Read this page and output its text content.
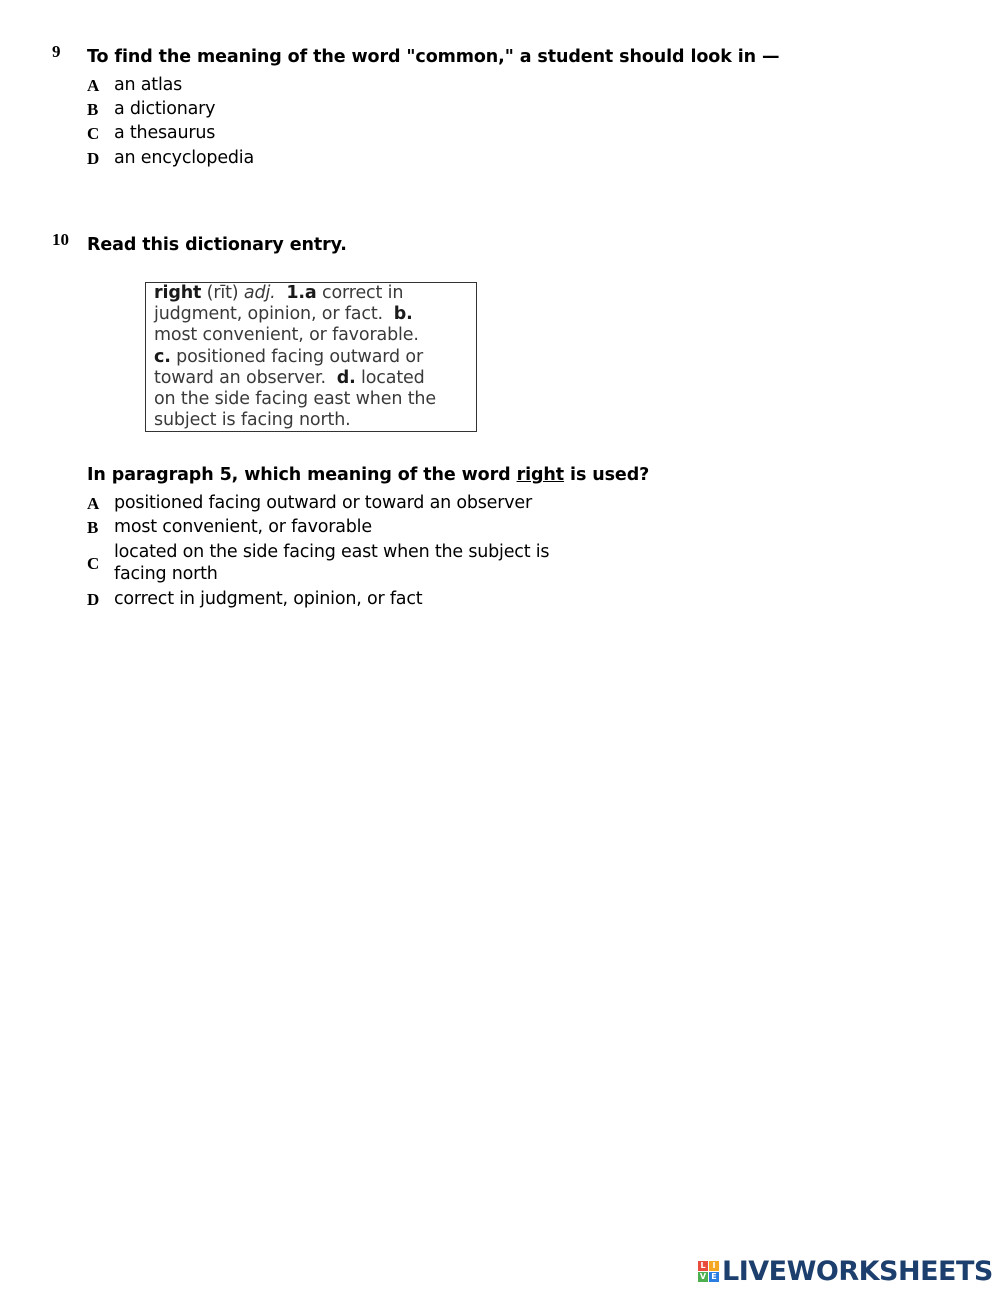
9 To find the meaning of the word "common," a student should look in —
A an atlas
B a dictionary
C a thesaurus
D an encyclopedia
10 Read this dictionary entry.
right (rīt) adj. 1.a correct in
judgment, opinion, or fact. b.
most convenient, or favorable.
c. positioned facing outward or
toward an observer. d. located
on the side facing east when the
subject is facing north.
In paragraph 5, which meaning of the word right is used?
A positioned facing outward or toward an observer
B most convenient, or favorable
C
located on the side facing east when the subject is
facing north
D correct in judgment, opinion, or fact
L I
V E LIVEWORKSHEETS
